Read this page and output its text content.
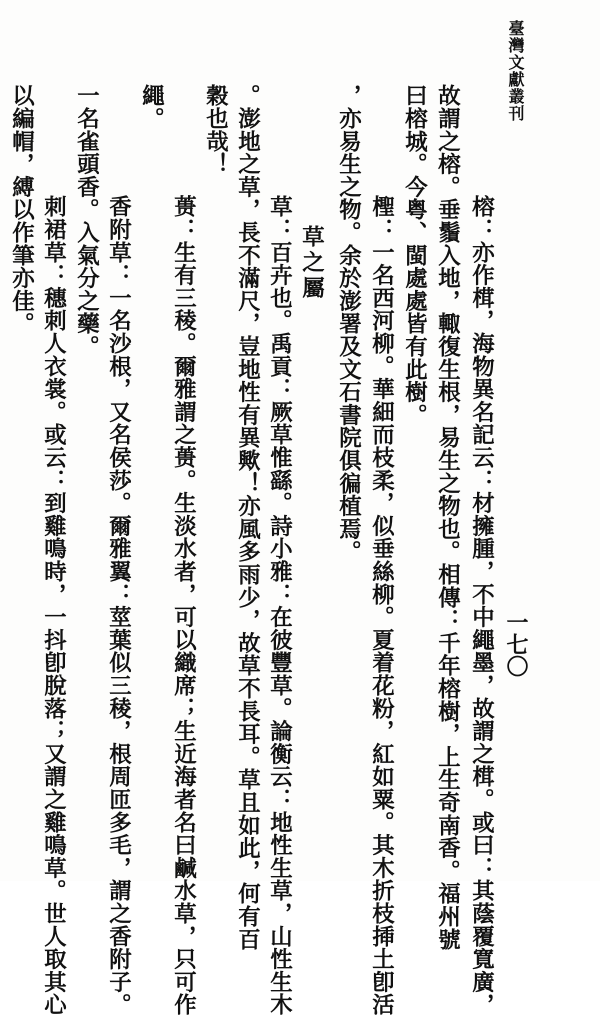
臺灣文獻叢刊
一七〇
榕：亦作榵，海物異名記云：材擁腫，不中繩墨，故謂之榵。或曰：其蔭覆寬廣，
故謂之榕。垂鬚入地，輙復生根，易生之物也。相傳：千年榕樹，上生奇南香。福州號
曰榕城。今粤、閩處處皆有此樹。
檉：一名西河柳。華細而枝柔，似垂絲柳。夏着花粉，紅如粟。其木折枝揷土卽活
，亦易生之物。余於澎署及文石書院俱徧植焉。
草之屬
草：百卉也。禹貢：厥草惟繇。詩小雅：在彼豐草。論衡云：地性生草，山性生木
。澎地之草，長不滿尺，豈地性有異歟！亦風多雨少，故草不長耳。草且如此，何有百
穀也哉！
蒉：生有三稜。爾雅謂之蒉。生淡水者，可以織席；生近海者名曰鹹水草，只可作
繩。
香附草：一名沙根，又名侯莎。爾雅翼：莖葉似三稜，根周匝多毛，謂之香附子。
一名雀頭香。入氣分之藥。
刺裙草：穗刺人衣裳。或云：到雞鳴時，一抖卽脫落；又謂之雞鳴草。世人取其心
以編帽，縛以作筆亦佳。
